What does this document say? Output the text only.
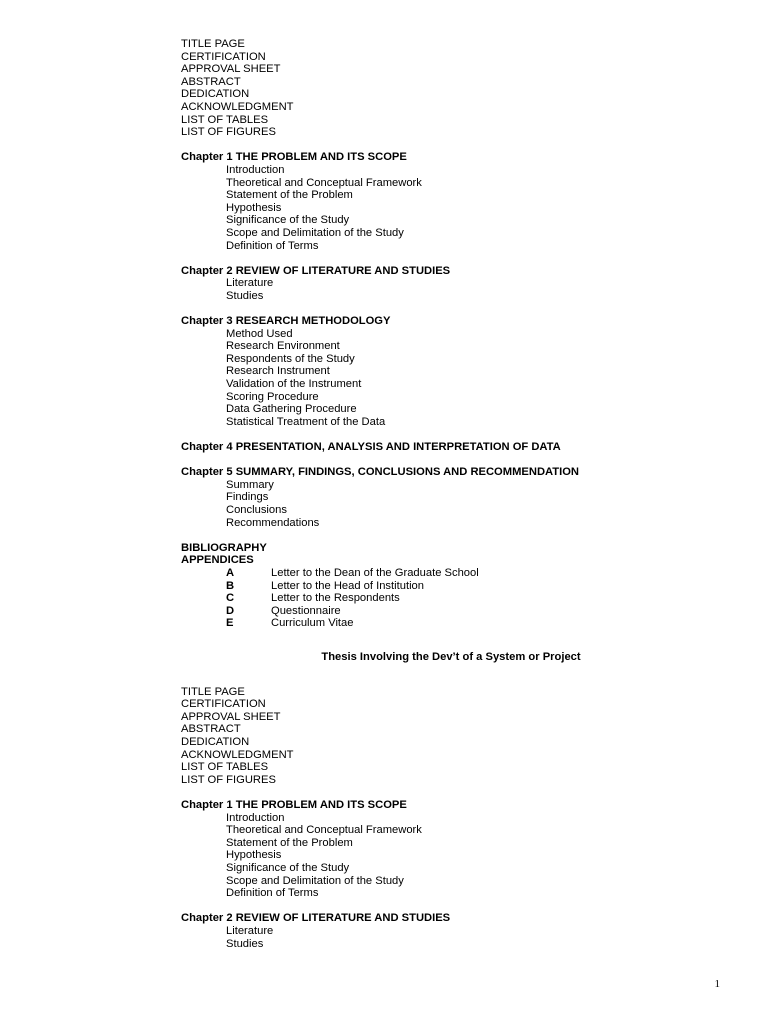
TITLE PAGE
CERTIFICATION
APPROVAL SHEET
ABSTRACT
DEDICATION
ACKNOWLEDGMENT
LIST OF TABLES
LIST OF FIGURES
Chapter 1 THE PROBLEM AND ITS SCOPE
Introduction
Theoretical and Conceptual Framework
Statement of the Problem
Hypothesis
Significance of the Study
Scope and Delimitation of the Study
Definition of Terms
Chapter 2 REVIEW OF LITERATURE AND STUDIES
Literature
Studies
Chapter 3 RESEARCH METHODOLOGY
Method Used
Research Environment
Respondents of the Study
Research Instrument
Validation of the Instrument
Scoring Procedure
Data Gathering Procedure
Statistical Treatment of the Data
Chapter 4 PRESENTATION, ANALYSIS AND INTERPRETATION OF DATA
Chapter 5 SUMMARY, FINDINGS, CONCLUSIONS AND RECOMMENDATION
Summary
Findings
Conclusions
Recommendations
BIBLIOGRAPHY
APPENDICES
A	Letter to the Dean of the Graduate School
B	Letter to the Head of Institution
C	Letter to the Respondents
D	Questionnaire
E	Curriculum Vitae
Thesis Involving the Dev’t of a System or Project
TITLE PAGE
CERTIFICATION
APPROVAL SHEET
ABSTRACT
DEDICATION
ACKNOWLEDGMENT
LIST OF TABLES
LIST OF FIGURES
Chapter 1 THE PROBLEM AND ITS SCOPE
Introduction
Theoretical and Conceptual Framework
Statement of the Problem
Hypothesis
Significance of the Study
Scope and Delimitation of the Study
Definition of Terms
Chapter 2 REVIEW OF LITERATURE AND STUDIES
Literature
Studies
1
